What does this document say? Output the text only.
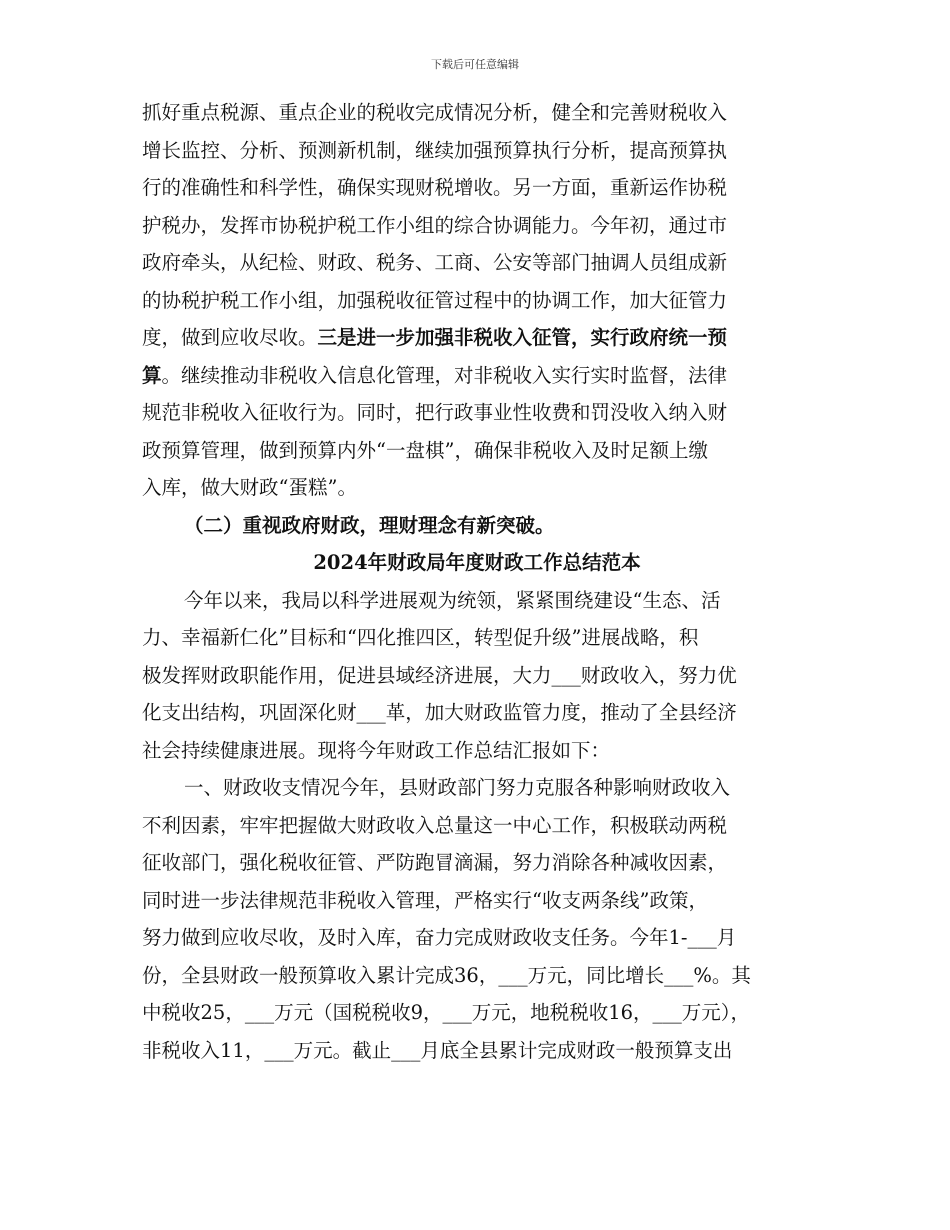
下载后可任意编辑
抓好重点税源、重点企业的税收完成情况分析，健全和完善财税收入
增长监控、分析、预测新机制，继续加强预算执行分析，提高预算执
行的准确性和科学性，确保实现财税增收。另一方面，重新运作协税
护税办，发挥市协税护税工作小组的综合协调能力。今年初，通过市
政府牵头，从纪检、财政、税务、工商、公安等部门抽调人员组成新
的协税护税工作小组，加强税收征管过程中的协调工作，加大征管力
度，做到应收尽收。三是进一步加强非税收入征管，实行政府统一预
算。继续推动非税收入信息化管理，对非税收入实行实时监督，法律
规范非税收入征收行为。同时，把行政事业性收费和罚没收入纳入财
政预算管理，做到预算内外“一盘棋”，确保非税收入及时足额上缴
入库，做大财政“蛋糕”。
（二）重视政府财政，理财理念有新突破。
2024年财政局年度财政工作总结范本
今年以来，我局以科学进展观为统领，紧紧围绕建设“生态、活
力、幸福新仁化”目标和“四化推四区，转型促升级”进展战略，积
极发挥财政职能作用，促进县域经济进展，大力___财政收入，努力优
化支出结构，巩固深化财___革，加大财政监管力度，推动了全县经济
社会持续健康进展。现将今年财政工作总结汇报如下：
一、财政收支情况今年，县财政部门努力克服各种影响财政收入
不利因素，牢牢把握做大财政收入总量这一中心工作，积极联动两税
征收部门，强化税收征管、严防跑冒滴漏，努力消除各种减收因素，
同时进一步法律规范非税收入管理，严格实行“收支两条线”政策，
努力做到应收尽收，及时入库，奋力完成财政收支任务。今年1-___月
份，全县财政一般预算收入累计完成36，___万元，同比增长___%。其
中税收25，___万元（国税税收9，___万元，地税税收16，___万元），
非税收入11，___万元。截止___月底全县累计完成财政一般预算支出
